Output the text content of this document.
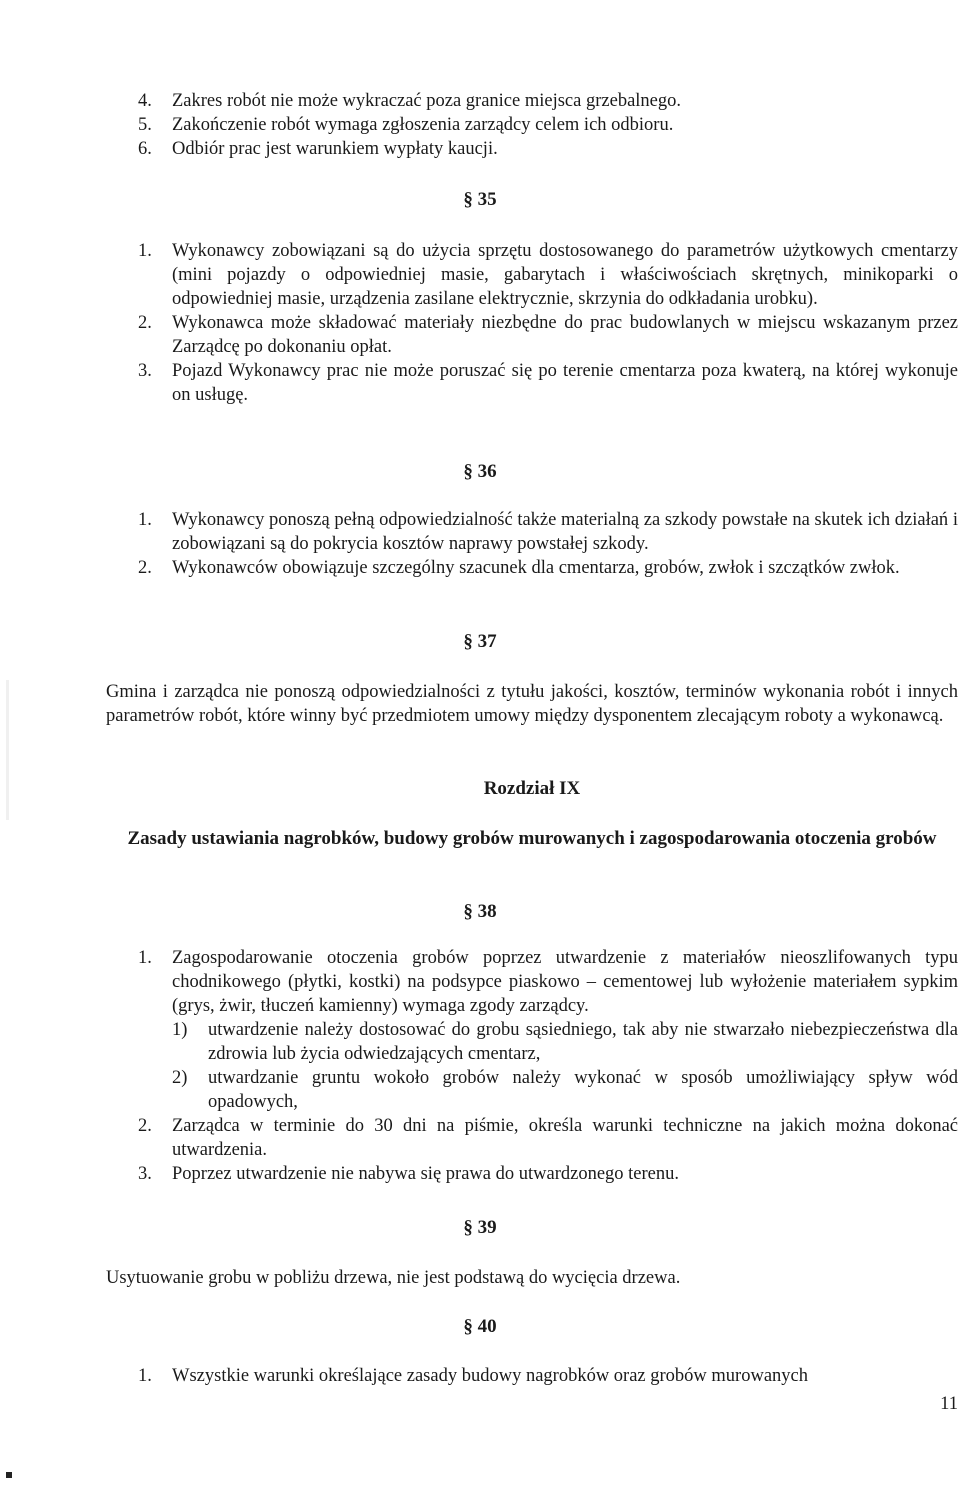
4.	Zakres robót nie może wykraczać poza granice miejsca grzebalnego.
5.	Zakończenie robót wymaga zgłoszenia zarządcy celem ich odbioru.
6.	Odbiór prac jest warunkiem wypłaty kaucji.
§ 35
1.	Wykonawcy zobowiązani są do użycia sprzętu dostosowanego do parametrów użytkowych cmentarzy (mini pojazdy o odpowiedniej masie, gabarytach i właściwościach skrętnych, minikoparki o odpowiedniej masie, urządzenia zasilane elektrycznie, skrzynia do odkładania urobku).
2.	Wykonawca może składować materiały niezbędne do prac budowlanych w miejscu wskazanym przez Zarządcę po dokonaniu opłat.
3.	Pojazd Wykonawcy prac nie może poruszać się po terenie cmentarza poza kwaterą, na której wykonuje on usługę.
§ 36
1.	Wykonawcy ponoszą pełną odpowiedzialność także materialną za szkody powstałe na skutek ich działań i zobowiązani są do pokrycia kosztów naprawy powstałej szkody.
2.	Wykonawców obowiązuje szczególny szacunek dla cmentarza, grobów, zwłok i szczątków zwłok.
§ 37
Gmina i zarządca nie ponoszą odpowiedzialności z tytułu jakości, kosztów, terminów wykonania robót i innych parametrów robót, które winny być przedmiotem umowy między dysponentem zlecającym roboty a wykonawcą.
Rozdział IX
Zasady ustawiania nagrobków, budowy grobów murowanych i zagospodarowania otoczenia grobów
§ 38
1.	Zagospodarowanie otoczenia grobów poprzez utwardzenie z materiałów nieoszlifowanych typu chodnikowego (płytki, kostki) na podsypce piaskowo – cementowej lub wyłożenie materiałem sypkim (grys, żwir, tłuczeń kamienny) wymaga zgody zarządcy.
1)	utwardzenie należy dostosować do grobu sąsiedniego, tak aby nie stwarzało niebezpieczeństwa dla zdrowia lub życia odwiedzających cmentarz,
2)	utwardzanie gruntu wokoło grobów należy wykonać w sposób umożliwiający spływ wód opadowych,
2.	Zarządca w terminie do 30 dni na piśmie, określa warunki techniczne na jakich można dokonać utwardzenia.
3.	Poprzez utwardzenie nie nabywa się prawa do utwardzonego terenu.
§ 39
Usytuowanie grobu w pobliżu drzewa, nie jest podstawą do wycięcia drzewa.
§ 40
1.	Wszystkie warunki określające zasady budowy nagrobków oraz grobów murowanych
11
